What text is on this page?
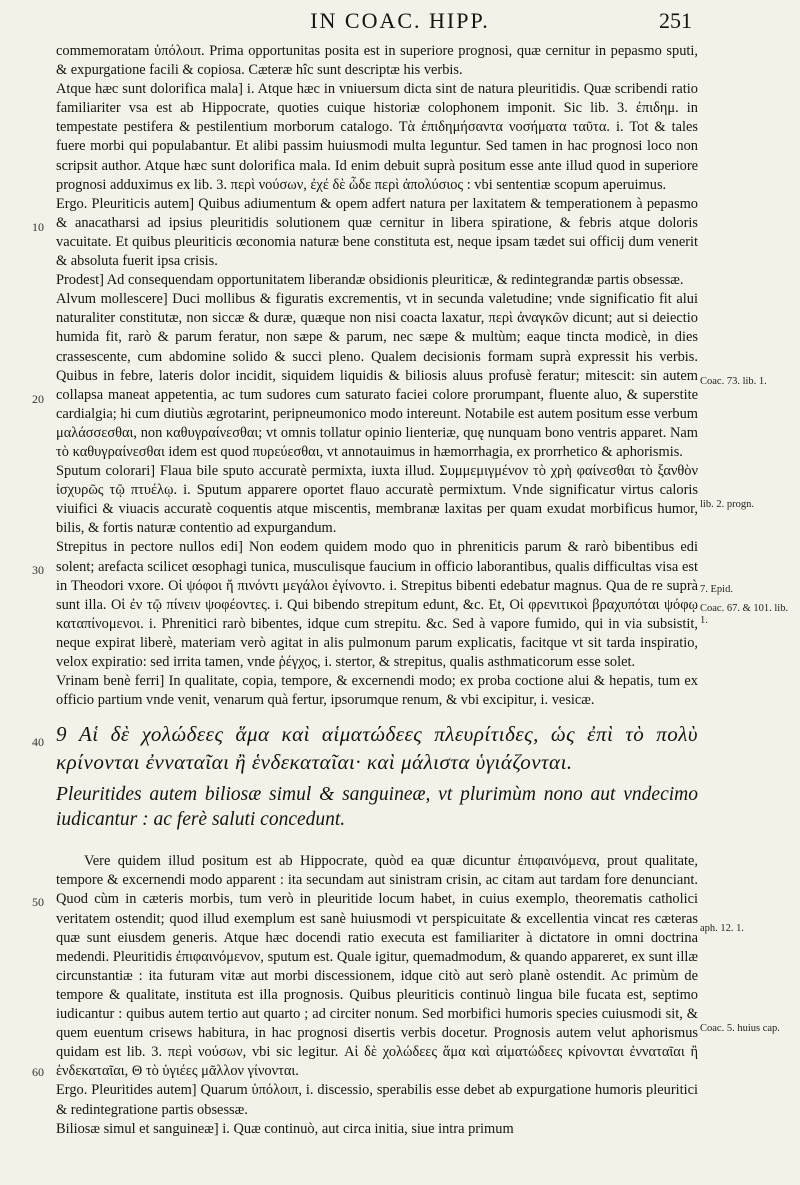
IN COAC. HIPP.	251

commemoratam ὑπόλοιπ. Prima opportunitas posita est in superiore prognosi, quæ cernitur in pepasmo sputi, & expurgatione facili & copiosa. Cæteræ hîc sunt descriptæ his verbis.

Atque hæc sunt dolorifica mala] i. Atque hæc in vniuersum dicta sint de natura pleuritidis. Quæ scribendi ratio familiariter vsa est ab Hippocrate, quoties cuique historiæ colophonem imponit. Sic lib. 3. ἐπιδημ. in tempestate pestifera & pestilentium morborum catalogo. Τὰ ἐπιδημήσαντα νοσήματα ταῦτα. i. Tot & tales fuere morbi qui populabantur. Et alibi passim huiusmodi multa leguntur. Sed tamen in hac prognosi loco non scripsit author. Atque hæc sunt dolorifica mala. Id enim debuit suprà positum esse ante illud quod in superiore prognosi adduximus ex lib. 3. περὶ νούσων, ἐχέ δὲ ὧδε περὶ ἀπολύσιος : vbi sententiæ scopum aperuimus.

Ergo. Pleuriticis autem] Quibus adiumentum & opem adfert natura per laxitatem & temperationem à pepasmo & anacatharsi ad ipsius pleuritidis solutionem quæ cernitur in libera spiratione, & febris atque doloris vacuitate. Et quibus pleuriticis œconomia naturæ bene constituta est, neque ipsam tædet sui officij dum venerit & absoluta fuerit ipsa crisis.

Prodest] Ad consequendam opportunitatem liberandæ obsidionis pleuriticæ, & redintegrandæ partis obsessæ.

Alvum mollescere] Duci mollibus & figuratis excrementis, vt in secunda valetudine; vnde significatio fit alui naturaliter constitutæ, non siccæ & duræ, quæque non nisi coacta laxatur, περὶ ἀναγκῶν dicunt; aut si deiectio humida fit, rarò & parum feratur, non sæpe & parum, nec sæpe & multùm; eaque tincta modicè, in dies crassescente, cum abdomine solido & succi pleno. Qualem decisionis formam suprà expressit his verbis. Quibus in febre, lateris dolor incidit, siquidem liquidis & biliosis aluus profusè feratur; mitescit: sin autem collapsa maneat appetentia, ac tum sudores cum saturato faciei colore prorumpant, fluente aluo, & superstite cardialgia; hi cum diutiùs ægrotarint, peripneumonico modo intereunt. Notabile est autem positum esse verbum μαλάσσεσθαι, non καθυγραίνεσθαι; vt omnis tollatur opinio lienteriæ, quę nunquam bono ventris apparet. Nam τὸ καθυγραίνεσθαι idem est quod πυρεύεσθαι, vt annotauimus in hæmorrhagia, ex prorrhetico & aphorismis.

Sputum colorari] Flaua bile sputo accuratè permixta, iuxta illud. Συμμεμιγμένον τὸ χρὴ φαίνεσθαι τὸ ξανθὸν ἰσχυρῶς τῷ πτυέλῳ. i. Sputum apparere oportet flauo accuratè permixtum. Vnde significatur virtus caloris viuifici & viuacis accuratè coquentis atque miscentis, membranæ laxitas per quam exudat morbificus humor, bilis, & fortis naturæ contentio ad expurgandum.

Strepitus in pectore nullos edi] Non eodem quidem modo quo in phreniticis parum & rarò bibentibus edi solent; arefacta scilicet œsophagi tunica, musculisque faucium in officio laborantibus, qualis difficultas visa est in Theodori vxore. Οἱ ψόφοι ἤ πινόντι μεγάλοι ἐγίνοντο. i. Strepitus bibenti edebatur magnus. Qua de re suprà sunt illa. Οἱ ἐν τῷ πίνειν ψοφέοντες. i. Qui bibendo strepitum edunt, &c. Et, Οἱ φρενιτικοὶ βραχυπόται ψόφῳ καταπίνομενοι. i. Phrenitici rarò bibentes, idque cum strepitu. &c. Sed à vapore fumido, qui in via subsistit, neque expirat liberè, materiam verò agitat in alis pulmonum parum explicatis, facitque vt sit tarda inspiratio, velox expiratio: sed irrita tamen, vnde ῥέγχος, i. stertor, & strepitus, qualis asthmaticorum esse solet.

Vrinam benè ferri] In qualitate, copia, tempore, & excernendi modo; ex proba coctione alui & hepatis, tum ex officio partium vnde venit, venarum quà fertur, ipsorumque renum, & vbi excipitur, i. vesicæ.

9 Αἱ δὲ χολώδεες ἅμα καὶ αἱματώδεες πλευρίτιδες, ὡς ἐπὶ τὸ πολὺ κρίνονται ἐνναταῖαι ἢ ἑνδεκαταῖαι· καὶ μάλιστα ὑγιάζονται.
Pleuritides autem biliosæ simul & sanguineæ, vt plurimùm nono aut vndecimo iudicantur : ac ferè saluti concedunt.

Vere quidem illud positum est ab Hippocrate, quòd ea quæ dicuntur ἐπιφαινόμενα, prout qualitate, tempore & excernendi modo apparent : ita secundam aut sinistram crisin, ac citam aut tardam fore denunciant. Quod cùm in cæteris morbis, tum verò in pleuritide locum habet, in cuius exemplo, theorematis catholici veritatem ostendit; quod illud exemplum est sanè huiusmodi vt perspicuitate & excellentia vincat res cæteras quæ sunt eiusdem generis. Atque hæc docendi ratio executa est familiariter à dictatore in omni doctrina medendi. Pleuritidis ἐπιφαινόμενον, sputum est. Quale igitur, quemadmodum, & quando appareret, ex sunt illæ circunstantiæ : ita futuram vitæ aut morbi discessionem, idque citò aut serò planè ostendit. Ac primùm de tempore & qualitate, instituta est illa prognosis. Quibus pleuriticis continuò lingua bile fucata est, septimo iudicantur : quibus autem tertio aut quarto ; ad circiter nonum. Sed morbifici humoris species cuiusmodi sit, & quem euentum crisews habitura, in hac prognosi disertis verbis docetur. Prognosis autem velut aphorismus quidam est lib. 3. περὶ νούσων, vbi sic legitur. Αἱ δὲ χολώδεες ἅμα καὶ αἱματώδεες κρίνονται ἐνναταῖαι ἢ ἑνδεκαταῖαι, Θ τὸ ὑγιέες μᾶλλον γίνονται.

Ergo. Pleuritides autem] Quarum ὑπόλοιπ, i. discessio, sperabilis esse debet ab expurgatione humoris pleuritici & redintegratione partis obsessæ.

Biliosæ simul et sanguineæ] i. Quæ continuò, aut circa initia, siue intra primum

10
20
30
40
50
60
Coac. 73. lib. 1.
lib. 2. progn.
7. Epid.
Coac. 67. & 101. lib. 1.
aph. 12. 1.
Coac. 5. huius cap.
